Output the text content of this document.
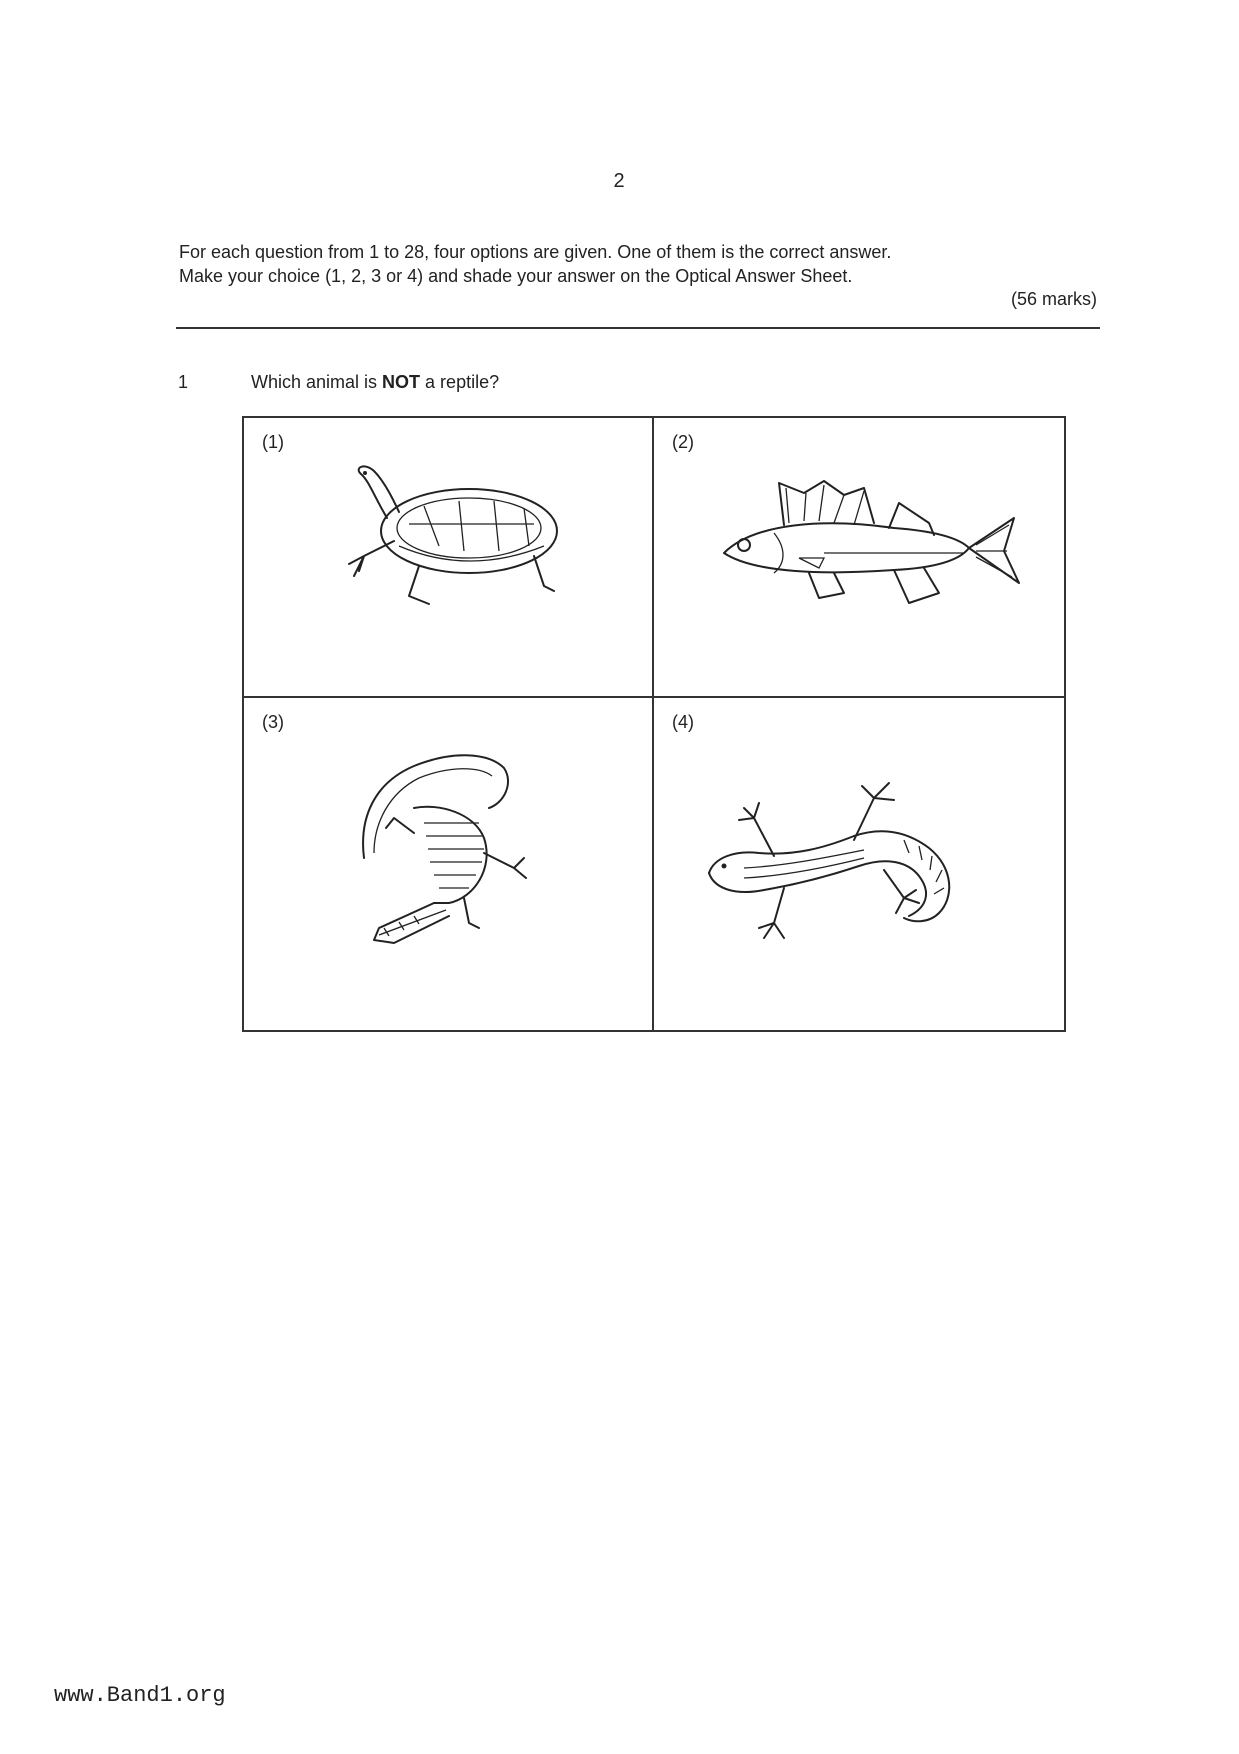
2

For each question from 1 to 28, four options are given. One of them is the correct answer.

Make your choice (1, 2, 3 or 4) and shade your answer on the Optical Answer Sheet.

(56 marks)
1	Which animal is NOT a reptile?
(1)	(2)
(3)	(4)
www.Band1.org
